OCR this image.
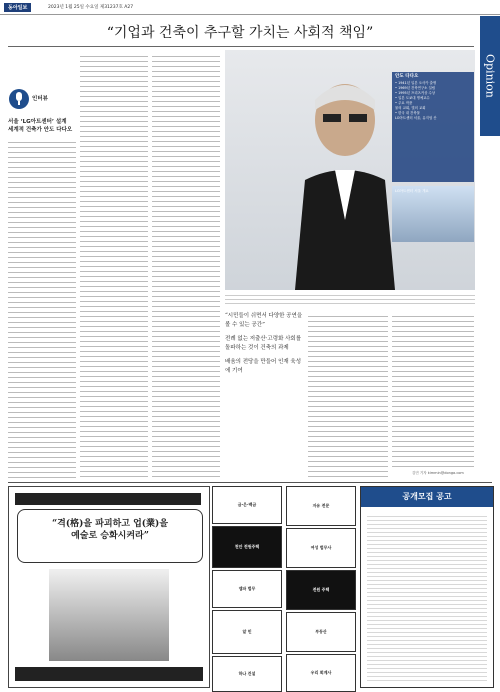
동아일보	2023년 1월 25일 수요일 제31237호 A27
Opinion
“기업과 건축이 추구할 가치는 사회적 책임”
인터뷰
서울 ‘LG아트센터’ 설계
세계적 건축가 안도 다다오
안도 다다오
• 1941년 일본 오사카 출생
• 1969년 건축연구소 설립
• 1995년 프리츠커상 수상
• 일본 도쿄대 명예교수
• 주요 작품
물의 교회, 빛의 교회
• 한국 내 건축물
LG아트센터 서울, 뮤지엄 산
LG아트센터 서울 개요
“시민들이 쉬면서 다양한 공연을 볼 수 있는 공간”
전례 없는 저출산·고령화 사회를 돌파하는 것이 건축의 과제
배움의 전당을 만들어 인재 육성에 기여
김민 기자 kimmin@donga.com
“격(格)을 파괴하고 업(業)을
예술로 승화시켜라”
금·은·백금
천안 전원주택
엠파 법무
알 민
하나 건설
자유 전문
여성 법무사
전원 주택
부동산
우리 회계사
공개모집 공고
